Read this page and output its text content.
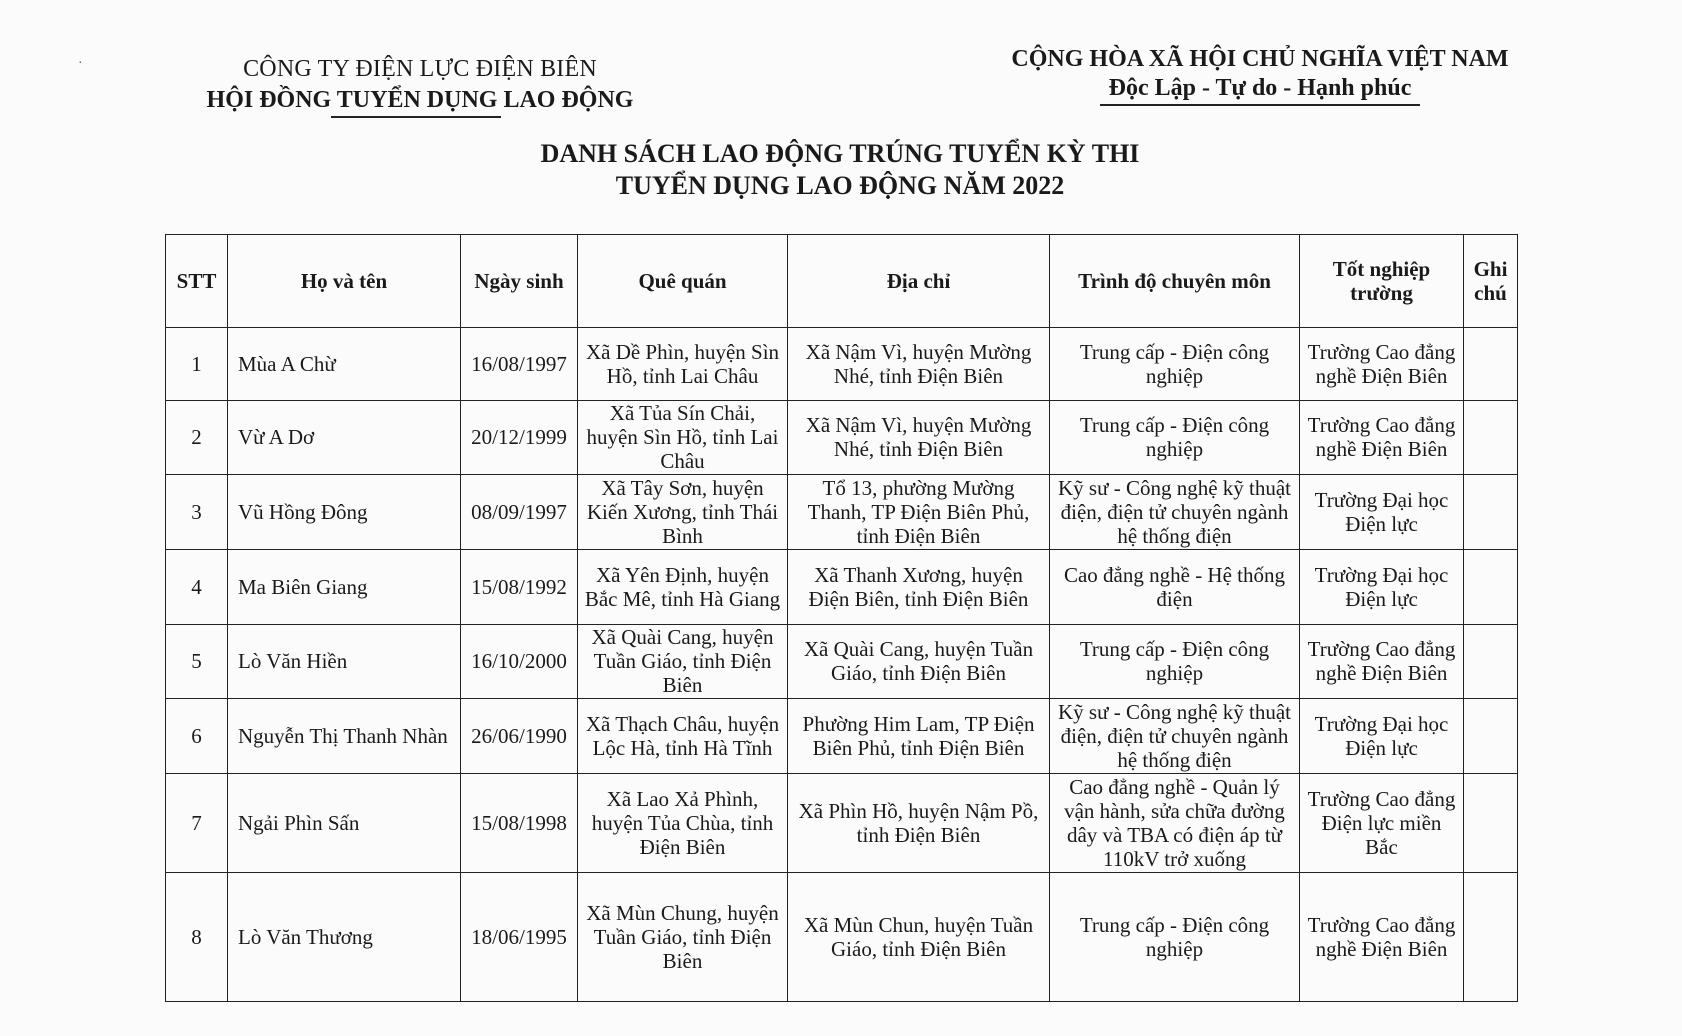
·	CÔNG TY ĐIỆN LỰC ĐIỆN BIÊN
HỘI ĐỒNG TUYỂN DỤNG LAO ĐỘNG
CỘNG HÒA XÃ HỘI CHỦ NGHĨA VIỆT NAM
Độc Lập - Tự do - Hạnh phúc
DANH SÁCH LAO ĐỘNG TRÚNG TUYỂN KỲ THI
TUYỂN DỤNG LAO ĐỘNG NĂM 2022
STT	Họ và tên	Ngày sinh	Quê quán	Địa chỉ	Trình độ chuyên môn	Tốt nghiệp trường	Ghi chú
1	Mùa A Chừ	16/08/1997	Xã Dề Phìn, huyện Sìn Hồ, tỉnh Lai Châu	Xã Nậm Vì, huyện Mường Nhé, tỉnh Điện Biên	Trung cấp - Điện công nghiệp	Trường Cao đẳng nghề Điện Biên	
2	Vừ A Dơ	20/12/1999	Xã Tủa Sín Chải, huyện Sìn Hồ, tỉnh Lai Châu	Xã Nậm Vì, huyện Mường Nhé, tỉnh Điện Biên	Trung cấp - Điện công nghiệp	Trường Cao đẳng nghề Điện Biên	
3	Vũ Hồng Đông	08/09/1997	Xã Tây Sơn, huyện Kiến Xương, tỉnh Thái Bình	Tổ 13, phường Mường Thanh, TP Điện Biên Phủ, tỉnh Điện Biên	Kỹ sư - Công nghệ kỹ thuật điện, điện tử chuyên ngành hệ thống điện	Trường Đại học Điện lực	
4	Ma Biên Giang	15/08/1992	Xã Yên Định, huyện Bắc Mê, tỉnh Hà Giang	Xã Thanh Xương, huyện Điện Biên, tỉnh Điện Biên	Cao đẳng nghề - Hệ thống điện	Trường Đại học Điện lực	
5	Lò Văn Hiền	16/10/2000	Xã Quài Cang, huyện Tuần Giáo, tỉnh Điện Biên	Xã Quài Cang, huyện Tuần Giáo, tỉnh Điện Biên	Trung cấp - Điện công nghiệp	Trường Cao đẳng nghề Điện Biên	
6	Nguyễn Thị Thanh Nhàn	26/06/1990	Xã Thạch Châu, huyện Lộc Hà, tỉnh Hà Tĩnh	Phường Him Lam, TP Điện Biên Phủ, tỉnh Điện Biên	Kỹ sư - Công nghệ kỹ thuật điện, điện tử chuyên ngành hệ thống điện	Trường Đại học Điện lực	
7	Ngải Phìn Sấn	15/08/1998	Xã Lao Xả Phình, huyện Tủa Chùa, tỉnh Điện Biên	Xã Phìn Hồ, huyện Nậm Pồ, tỉnh Điện Biên	Cao đẳng nghề - Quản lý vận hành, sửa chữa đường dây và TBA có điện áp từ 110kV trở xuống	Trường Cao đẳng Điện lực miền Bắc	
8	Lò Văn Thương	18/06/1995	Xã Mùn Chung, huyện Tuần Giáo, tỉnh Điện Biên	Xã Mùn Chun, huyện Tuần Giáo, tỉnh Điện Biên	Trung cấp - Điện công nghiệp	Trường Cao đẳng nghề Điện Biên	
